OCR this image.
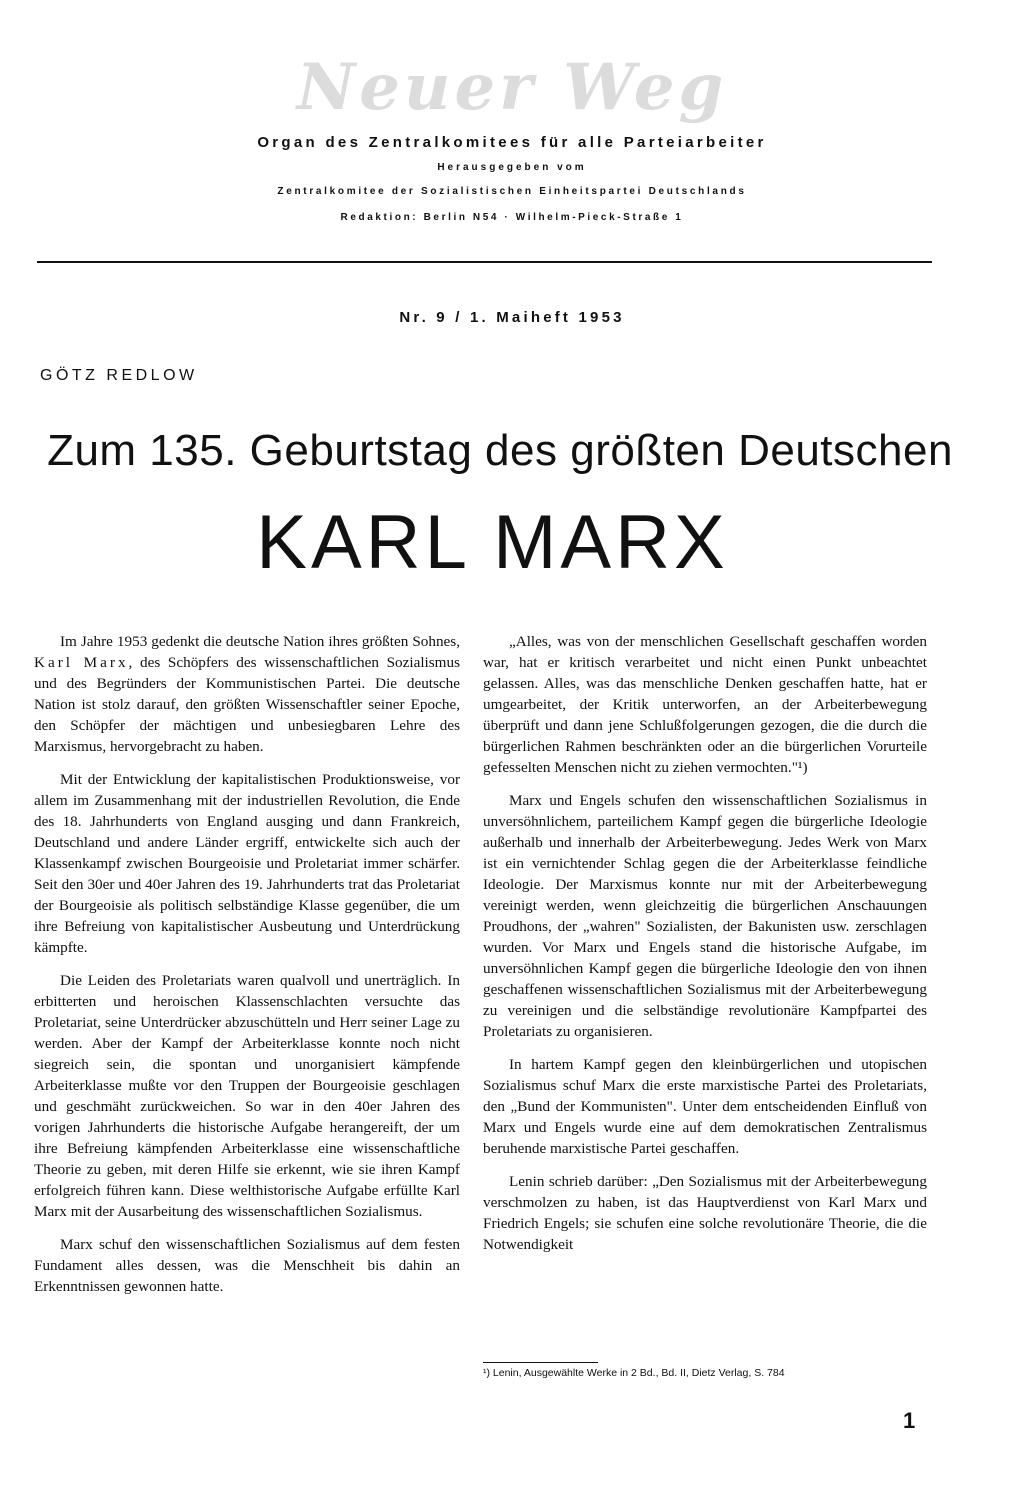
Neuer Weg
Organ des Zentralkomitees für alle Parteiarbeiter
Herausgegeben vom
Zentralkomitee der Sozialistischen Einheitspartei Deutschlands
Redaktion: Berlin N54 · Wilhelm-Pieck-Straße 1
Nr. 9 / 1. Maiheft 1953
GÖTZ REDLOW
Zum 135. Geburtstag des größten Deutschen
KARL MARX

Im Jahre 1953 gedenkt die deutsche Nation ihres größten Sohnes, Karl Marx, des Schöpfers des wissenschaftlichen Sozialismus und des Begründers der Kommunistischen Partei. Die deutsche Nation ist stolz darauf, den größten Wissenschaftler seiner Epoche, den Schöpfer der mächtigen und unbesiegbaren Lehre des Marxismus, hervorgebracht zu haben.

Mit der Entwicklung der kapitalistischen Produktionsweise, vor allem im Zusammenhang mit der industriellen Revolution, die Ende des 18. Jahrhunderts von England ausging und dann Frankreich, Deutschland und andere Länder ergriff, entwickelte sich auch der Klassenkampf zwischen Bourgeoisie und Proletariat immer schärfer. Seit den 30er und 40er Jahren des 19. Jahrhunderts trat das Proletariat der Bourgeoisie als politisch selbständige Klasse gegenüber, die um ihre Befreiung von kapitalistischer Ausbeutung und Unterdrückung kämpfte.

Die Leiden des Proletariats waren qualvoll und unerträglich. In erbitterten und heroischen Klassenschlachten versuchte das Proletariat, seine Unterdrücker abzuschütteln und Herr seiner Lage zu werden. Aber der Kampf der Arbeiterklasse konnte noch nicht siegreich sein, die spontan und unorganisiert kämpfende Arbeiterklasse mußte vor den Truppen der Bourgeoisie geschlagen und geschmäht zurückweichen. So war in den 40er Jahren des vorigen Jahrhunderts die historische Aufgabe herangereift, der um ihre Befreiung kämpfenden Arbeiterklasse eine wissenschaftliche Theorie zu geben, mit deren Hilfe sie erkennt, wie sie ihren Kampf erfolgreich führen kann. Diese welthistorische Aufgabe erfüllte Karl Marx mit der Ausarbeitung des wissenschaftlichen Sozialismus.

Marx schuf den wissenschaftlichen Sozialismus auf dem festen Fundament alles dessen, was die Menschheit bis dahin an Erkenntnissen gewonnen hatte.

„Alles, was von der menschlichen Gesellschaft geschaffen worden war, hat er kritisch verarbeitet und nicht einen Punkt unbeachtet gelassen. Alles, was das menschliche Denken geschaffen hatte, hat er umgearbeitet, der Kritik unterworfen, an der Arbeiterbewegung überprüft und dann jene Schlußfolgerungen gezogen, die die durch die bürgerlichen Rahmen beschränkten oder an die bürgerlichen Vorurteile gefesselten Menschen nicht zu ziehen vermochten."¹)

Marx und Engels schufen den wissenschaftlichen Sozialismus in unversöhnlichem, parteilichem Kampf gegen die bürgerliche Ideologie außerhalb und innerhalb der Arbeiterbewegung. Jedes Werk von Marx ist ein vernichtender Schlag gegen die der Arbeiterklasse feindliche Ideologie. Der Marxismus konnte nur mit der Arbeiterbewegung vereinigt werden, wenn gleichzeitig die bürgerlichen Anschauungen Proudhons, der „wahren" Sozialisten, der Bakunisten usw. zerschlagen wurden. Vor Marx und Engels stand die historische Aufgabe, im unversöhnlichen Kampf gegen die bürgerliche Ideologie den von ihnen geschaffenen wissenschaftlichen Sozialismus mit der Arbeiterbewegung zu vereinigen und die selbständige revolutionäre Kampfpartei des Proletariats zu organisieren.

In hartem Kampf gegen den kleinbürgerlichen und utopischen Sozialismus schuf Marx die erste marxistische Partei des Proletariats, den „Bund der Kommunisten". Unter dem entscheidenden Einfluß von Marx und Engels wurde eine auf dem demokratischen Zentralismus beruhende marxistische Partei geschaffen.

Lenin schrieb darüber: „Den Sozialismus mit der Arbeiterbewegung verschmolzen zu haben, ist das Hauptverdienst von Karl Marx und Friedrich Engels; sie schufen eine solche revolutionäre Theorie, die die Notwendigkeit

¹) Lenin, Ausgewählte Werke in 2 Bd., Bd. II, Dietz Verlag, S. 784
1
